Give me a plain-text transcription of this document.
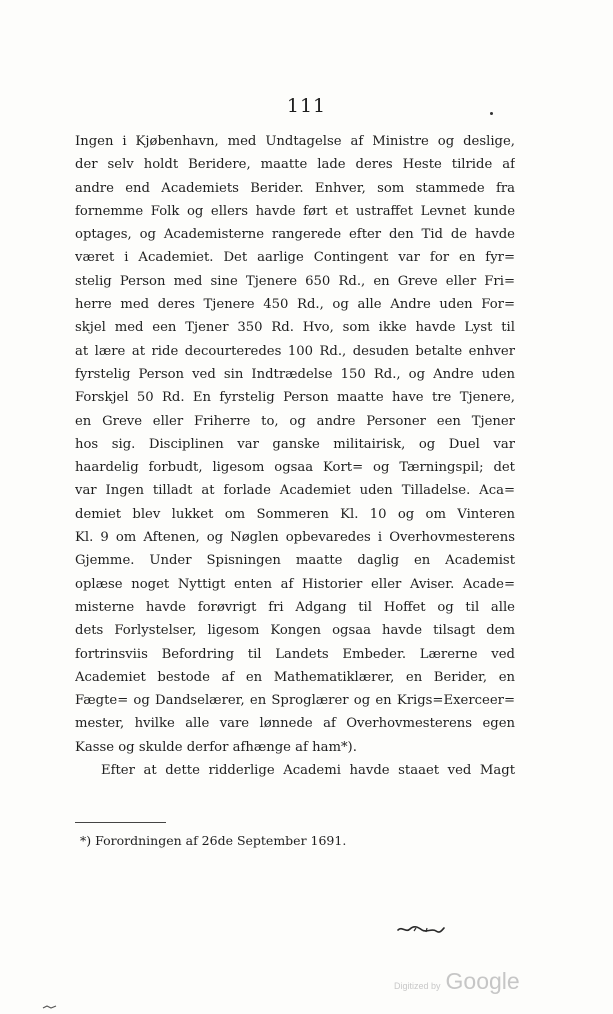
111
Ingen i Kjøbenhavn, med Undtagelse af Ministre og deslige,
der selv holdt Beridere, maatte lade deres Heste tilride af
andre end Academiets Berider. Enhver, som stammede fra
fornemme Folk og ellers havde ført et ustraffet Levnet kunde
optages, og Academisterne rangerede efter den Tid de havde
været i Academiet. Det aarlige Contingent var for en fyr=
stelig Person med sine Tjenere 650 Rd., en Greve eller Fri=
herre med deres Tjenere 450 Rd., og alle Andre uden For=
skjel med een Tjener 350 Rd. Hvo, som ikke havde Lyst til
at lære at ride decourteredes 100 Rd., desuden betalte enhver
fyrstelig Person ved sin Indtrædelse 150 Rd., og Andre uden
Forskjel 50 Rd. En fyrstelig Person maatte have tre Tjenere,
en Greve eller Friherre to, og andre Personer een Tjener
hos sig. Disciplinen var ganske militairisk, og Duel var
haardelig forbudt, ligesom ogsaa Kort= og Tærningspil; det
var Ingen tilladt at forlade Academiet uden Tilladelse. Aca=
demiet blev lukket om Sommeren Kl. 10 og om Vinteren
Kl. 9 om Aftenen, og Nøglen opbevaredes i Overhovmesterens
Gjemme. Under Spisningen maatte daglig en Academist
oplæse noget Nyttigt enten af Historier eller Aviser. Acade=
misterne havde forøvrigt fri Adgang til Hoffet og til alle
dets Forlystelser, ligesom Kongen ogsaa havde tilsagt dem
fortrinsviis Befordring til Landets Embeder. Lærerne ved
Academiet bestode af en Mathematiklærer, en Berider, en
Fægte= og Dandselærer, en Sproglærer og en Krigs=Exerceer=
mester, hvilke alle vare lønnede af Overhovmesterens egen
Kasse og skulde derfor afhænge af ham*).
Efter at dette ridderlige Academi havde staaet ved Magt
*) Forordningen af 26de September 1691.
Digitized by Google
